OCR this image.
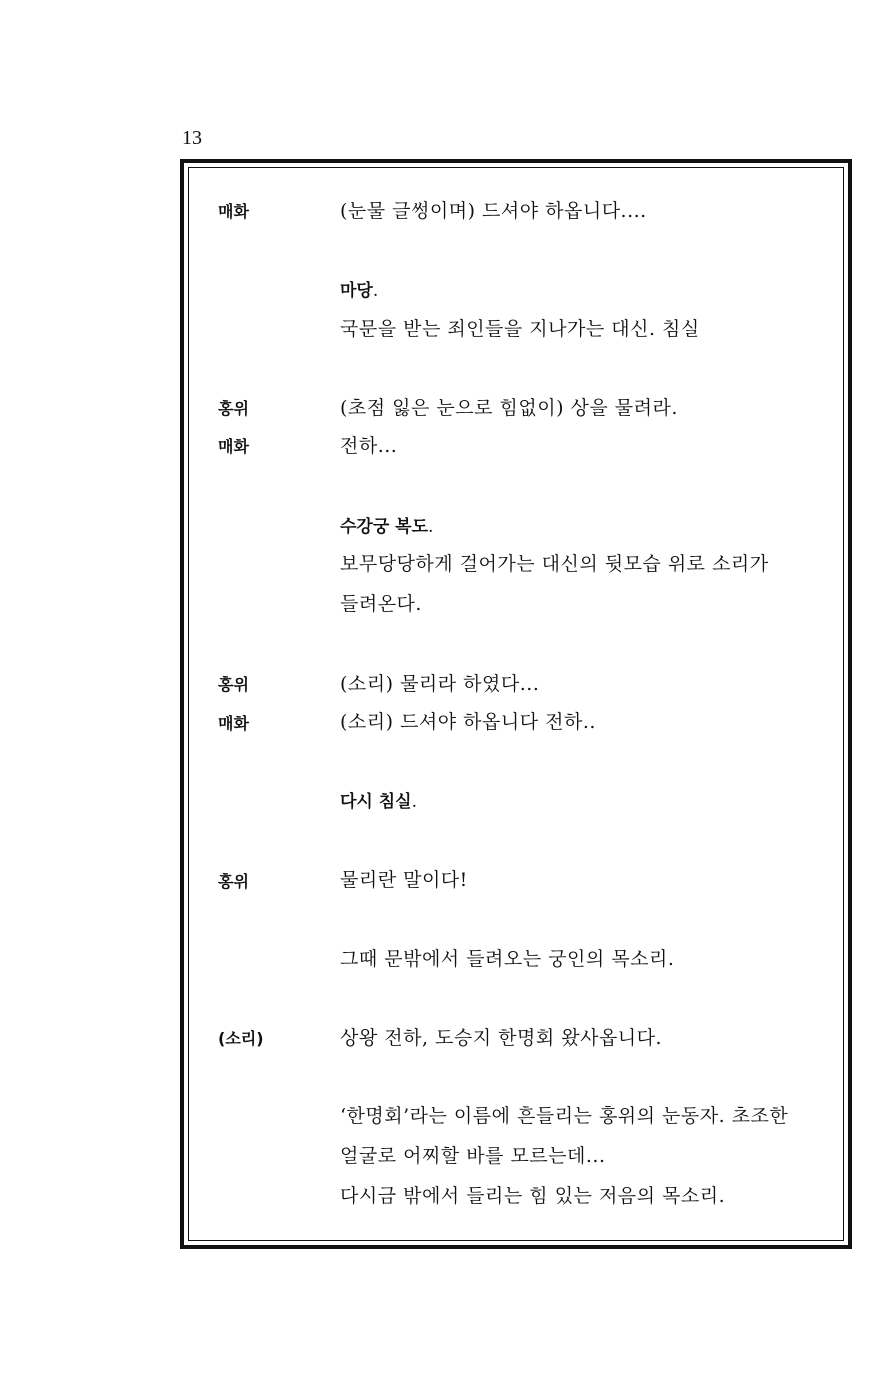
13
매화	(눈물 글썽이며) 드셔야 하옵니다....
마당.
국문을 받는 죄인들을 지나가는 대신. 침실
홍위	(초점 잃은 눈으로 힘없이) 상을 물려라.
매화	전하...
수강궁 복도.
보무당당하게 걸어가는 대신의 뒷모습 위로 소리가
들려온다.
홍위	(소리) 물리라 하였다...
매화	(소리) 드셔야 하옵니다 전하..
다시 침실.
홍위	물리란 말이다!
그때 문밖에서 들려오는 궁인의 목소리.
(소리)	상왕 전하, 도승지 한명회 왔사옵니다.
‘한명회’라는 이름에 흔들리는 홍위의 눈동자. 초조한
얼굴로 어찌할 바를 모르는데...
다시금 밖에서 들리는 힘 있는 저음의 목소리.
